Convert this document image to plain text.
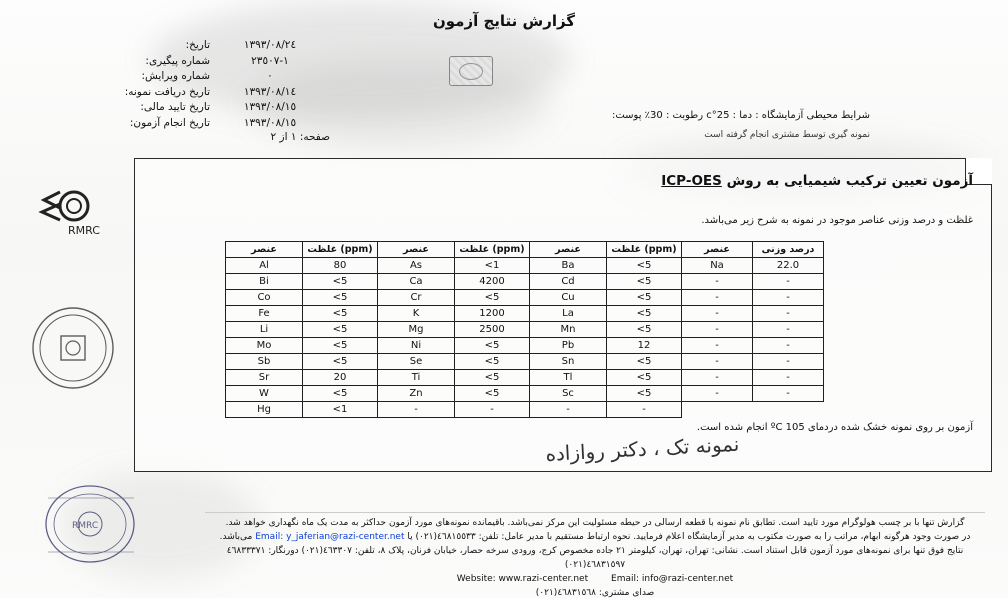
گزارش نتایج آزمون
١٣٩٣/٠٨/٢٤
تاریخ:
١-٢٣٥٠٧
شماره پیگیری:
٠
شماره ویرایش:
١٣٩٣/٠٨/١٤
تاریخ دریافت نمونه:
١٣٩٣/٠٨/١٥
تاریخ تایید مالی:
١٣٩٣/٠٨/١٥
تاریخ انجام آزمون:
شرایط محیطی آزمایشگاه : دما : 25°c رطوبت : 30٪ پوست:
نمونه گیری توسط مشتری انجام گرفته است
صفحه: ١ از ٢
RMRC
آزمون تعیین ترکیب شیمیایی به روش ICP-OES
غلظت و درصد وزنی عناصر موجود در نمونه به شرح زیر می‌باشد.
عنصر	غلظت (ppm)	عنصر	غلظت (ppm)	عنصر	غلظت (ppm)	عنصر	درصد وزنی
Al	80	As	<1	Ba	<5	Na	22.0
Bi	<5	Ca	4200	Cd	<5	-	-
Co	<5	Cr	<5	Cu	<5	-	-
Fe	<5	K	1200	La	<5	-	-
Li	<5	Mg	2500	Mn	<5	-	-
Mo	<5	Ni	<5	Pb	12	-	-
Sb	<5	Se	<5	Sn	<5	-	-
Sr	20	Ti	<5	Tl	<5	-	-
W	<5	Zn	<5	Sc	<5	-	-
Hg	<1	-	-	-	-		
آزمون بر روی نمونه خشک شده دردمای 105 ºC انجام شده است.
نمونه تک ، دکتر روازاده
RMRC	گزارش تنها با بر چسب هولوگرام مورد تایید است. تطابق نام نمونه با قطعه ارسالی در حیطه مسئولیت این مرکز نمی‌باشد. باقیمانده نمونه‌های مورد آزمون حداکثر به مدت یک ماه نگهداری خواهد شد.
در صورت وجود هرگونه ابهام، مراتب را به صورت مکتوب به مدیر آزمایشگاه اعلام فرمایید. نحوه ارتباط مستقیم با مدیر عامل: تلفن: ٤٦٨١٥٥٣٣(٠٢١) یا Email: y_jaferian@razi-center.net می‌باشد.
نتایج فوق تنها برای نمونه‌های مورد آزمون قابل استناد است. نشانی: تهران، تهران، کیلومتر ٢١ جاده مخصوص کرج، ورودی سرخه حصار، خیابان فرنان، پلاک ٨، تلفن: ٤٦٣٣٠٧(٠٢١) دورنگار: ٤٦٨٣٣٣٧١ ٤٦٨٣١٥٩٧(٠٢١)
Website: www.razi-center.net	Email: info@razi-center.net
صدای مشتری: ٤٦٨٣١٥٦٨(٠٢١)
